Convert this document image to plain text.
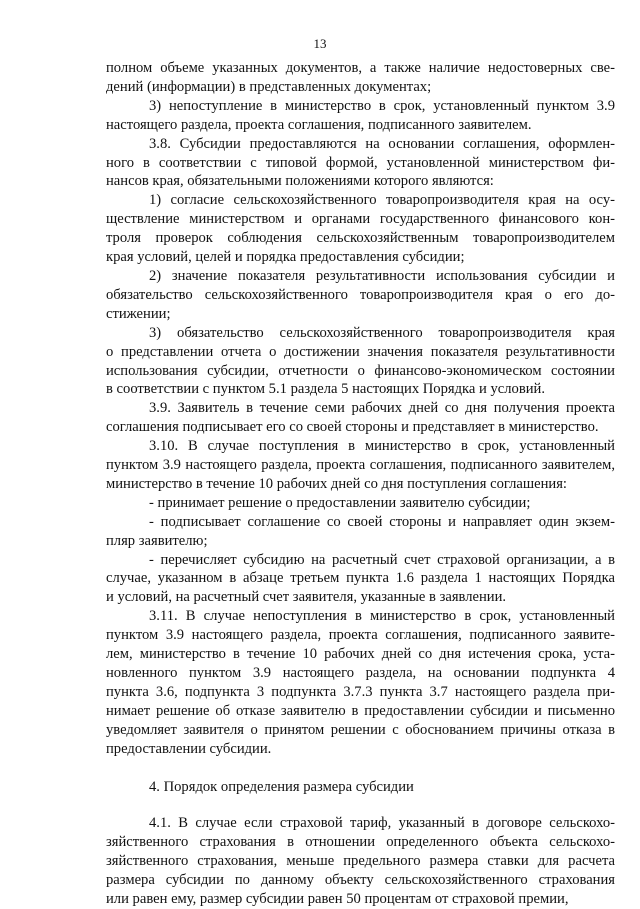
13
полном объеме указанных документов, а также наличие недостоверных све-
дений (информации) в представленных документах;
3) непоступление в министерство в срок, установленный пунктом 3.9
настоящего раздела, проекта соглашения, подписанного заявителем.
3.8. Субсидии предоставляются на основании соглашения, оформлен-
ного в соответствии с типовой формой, установленной министерством фи-
нансов края, обязательными положениями которого являются:
1) согласие сельскохозяйственного товаропроизводителя края на осу-
ществление министерством и органами государственного финансового кон-
троля проверок соблюдения сельскохозяйственным товаропроизводителем
края условий, целей и порядка предоставления субсидии;
2) значение показателя результативности использования субсидии и
обязательство сельскохозяйственного товаропроизводителя края о его до-
стижении;
3) обязательство сельскохозяйственного товаропроизводителя края
о представлении отчета о достижении значения показателя результативности
использования субсидии, отчетности о финансово-экономическом состоянии
в соответствии с пунктом 5.1 раздела 5 настоящих Порядка и условий.
3.9. Заявитель в течение семи рабочих дней со дня получения проекта
соглашения подписывает его со своей стороны и представляет в министерство.
3.10. В случае поступления в министерство в срок, установленный
пунктом 3.9 настоящего раздела, проекта соглашения, подписанного заявителем,
министерство в течение 10 рабочих дней со дня поступления соглашения:
- принимает решение о предоставлении заявителю субсидии;
- подписывает соглашение со своей стороны и направляет один экзем-
пляр заявителю;
- перечисляет субсидию на расчетный счет страховой организации, а в
случае, указанном в абзаце третьем пункта 1.6 раздела 1 настоящих Порядка
и условий, на расчетный счет заявителя, указанные в заявлении.
3.11. В случае непоступления в министерство в срок, установленный
пунктом 3.9 настоящего раздела, проекта соглашения, подписанного заявите-
лем, министерство в течение 10 рабочих дней со дня истечения срока, уста-
новленного пунктом 3.9 настоящего раздела, на основании подпункта 4
пункта 3.6, подпункта 3 подпункта 3.7.3 пункта 3.7 настоящего раздела при-
нимает решение об отказе заявителю в предоставлении субсидии и письменно
уведомляет заявителя о принятом решении с обоснованием причины отказа в
предоставлении субсидии.
4. Порядок определения размера субсидии
4.1. В случае если страховой тариф, указанный в договоре сельскохо-
зяйственного страхования в отношении определенного объекта сельскохо-
зяйственного страхования, меньше предельного размера ставки для расчета
размера субсидии по данному объекту сельскохозяйственного страхования
или равен ему, размер субсидии равен 50 процентам от страховой премии,
